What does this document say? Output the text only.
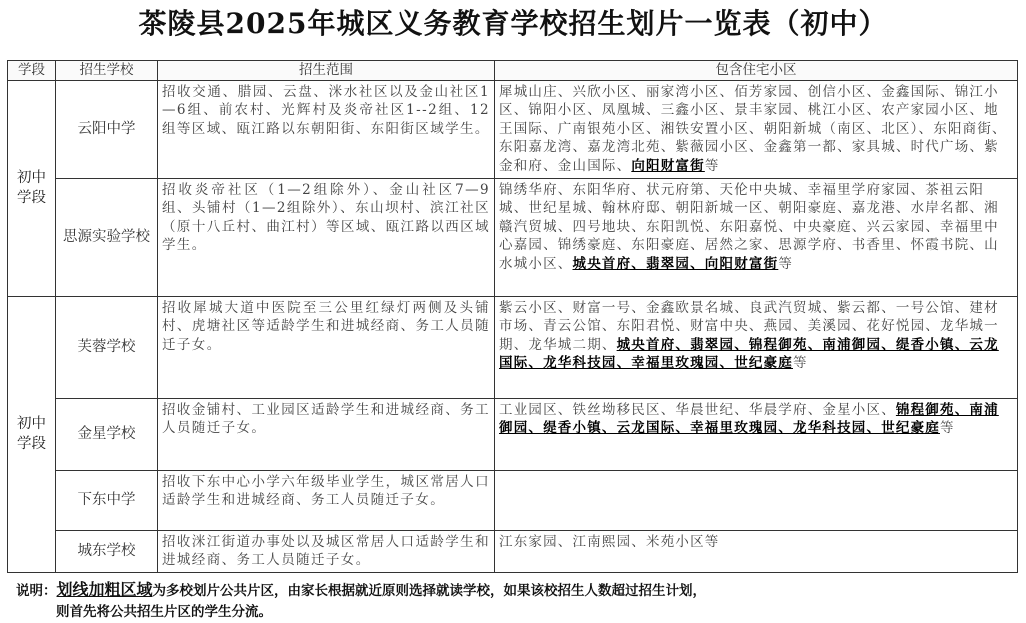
茶陵县2025年城区义务教育学校招生划片一览表（初中）
学段	招生学校	招生范围	包含住宅小区
初中
学段	云阳中学	招收交通、腊园、云盘、洣水社区以及金山社区1—6组、前农村、光辉村及炎帝社区1--2组、12组等区域、瓯江路以东朝阳街、东阳街区域学生。	犀城山庄、兴欣小区、丽家湾小区、佰芳家园、创信小区、金鑫国际、锦江小区、锦阳小区、凤凰城、三鑫小区、景丰家园、桃江小区、农产家园小区、地王国际、广南银苑小区、湘铁安置小区、朝阳新城（南区、北区）、东阳商街、东阳嘉龙湾、嘉龙湾北苑、紫薇园小区、金鑫第一都、家具城、时代广场、紫金和府、金山国际、向阳财富街等
	思源实验学校	招收炎帝社区（1—2组除外）、金山社区7—9组、头铺村（1—2组除外）、东山坝村、滨江社区（原十八丘村、曲江村）等区域、瓯江路以西区域学生。	锦绣华府、东阳华府、状元府第、天伦中央城、幸福里学府家园、茶祖云阳城、世纪星城、翰林府邸、朝阳新城一区、朝阳豪庭、嘉龙港、水岸名都、湘赣汽贸城、四号地块、东阳凯悦、东阳嘉悦、中央豪庭、兴云家园、幸福里中心嘉园、锦绣豪庭、东阳豪庭、居然之家、思源学府、书香里、怀霞书院、山水城小区、城央首府、翡翠园、向阳财富街等
初中
学段	芙蓉学校	招收犀城大道中医院至三公里红绿灯两侧及头铺村、虎塘社区等适龄学生和进城经商、务工人员随迁子女。	紫云小区、财富一号、金鑫欧景名城、良武汽贸城、紫云都、一号公馆、建材市场、青云公馆、东阳君悦、财富中央、燕园、美溪园、花好悦园、龙华城一期、龙华城二期、城央首府、翡翠园、锦程御苑、南浦御园、缇香小镇、云龙国际、龙华科技园、幸福里玫瑰园、世纪豪庭等
	金星学校	招收金铺村、工业园区适龄学生和进城经商、务工人员随迁子女。	工业园区、铁丝坳移民区、华晨世纪、华晨学府、金星小区、锦程御苑、南浦御园、缇香小镇、云龙国际、幸福里玫瑰园、龙华科技园、世纪豪庭等
	下东中学	招收下东中心小学六年级毕业学生，城区常居人口适龄学生和进城经商、务工人员随迁子女。	
	城东学校	招收洣江街道办事处以及城区常居人口适龄学生和进城经商、务工人员随迁子女。	江东家园、江南熙园、米苑小区等
说明：划线加粗区域为多校划片公共片区，由家长根据就近原则选择就读学校，如果该校招生人数超过招生计划，
则首先将公共招生片区的学生分流。
